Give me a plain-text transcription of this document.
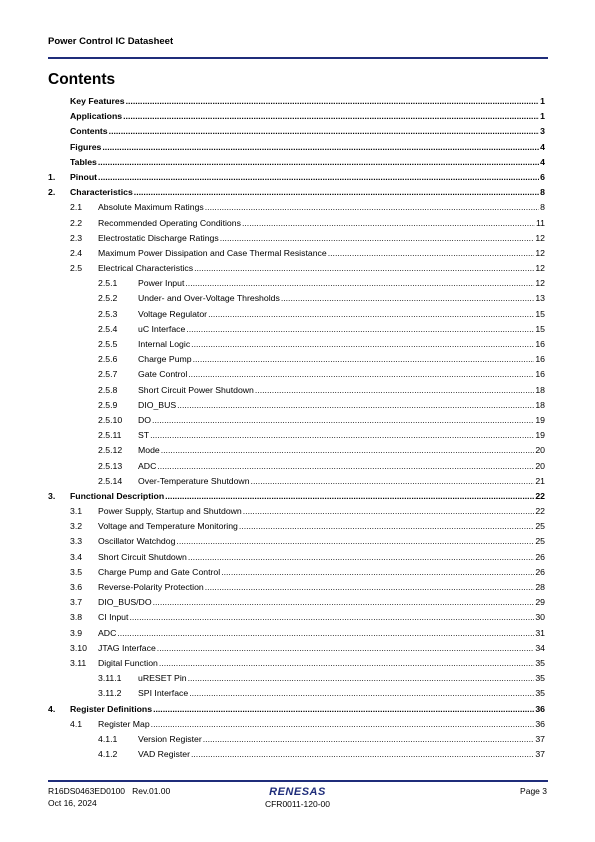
Power Control IC Datasheet
Contents
Key Features .....	1
Applications .....	1
Contents .....	3
Figures .....	4
Tables .....	4
1.	Pinout .....	6
2.	Characteristics .....	8
2.1	Absolute Maximum Ratings .....	8
2.2	Recommended Operating Conditions .....	11
2.3	Electrostatic Discharge Ratings .....	12
2.4	Maximum Power Dissipation and Case Thermal Resistance .....	12
2.5	Electrical Characteristics .....	12
2.5.1	Power Input .....	12
2.5.2	Under- and Over-Voltage Thresholds .....	13
2.5.3	Voltage Regulator .....	15
2.5.4	uC Interface .....	15
2.5.5	Internal Logic .....	16
2.5.6	Charge Pump .....	16
2.5.7	Gate Control .....	16
2.5.8	Short Circuit Power Shutdown .....	18
2.5.9	DIO_BUS .....	18
2.5.10	DO .....	19
2.5.11	ST .....	19
2.5.12	Mode .....	20
2.5.13	ADC .....	20
2.5.14	Over-Temperature Shutdown .....	21
3.	Functional Description .....	22
3.1	Power Supply, Startup and Shutdown .....	22
3.2	Voltage and Temperature Monitoring .....	25
3.3	Oscillator Watchdog .....	25
3.4	Short Circuit Shutdown .....	26
3.5	Charge Pump and Gate Control .....	26
3.6	Reverse-Polarity Protection .....	28
3.7	DIO_BUS/DO .....	29
3.8	CI Input .....	30
3.9	ADC .....	31
3.10	JTAG Interface .....	34
3.11	Digital Function .....	35
3.11.1	uRESET Pin .....	35
3.11.2	SPI Interface .....	35
4.	Register Definitions .....	36
4.1	Register Map .....	36
4.1.1	Version Register .....	37
4.1.2	VAD Register .....	37
R16DS0463ED0100 Rev.01.00
Oct 16, 2024
RENESAS
CFR0011-120-00
Page 3
